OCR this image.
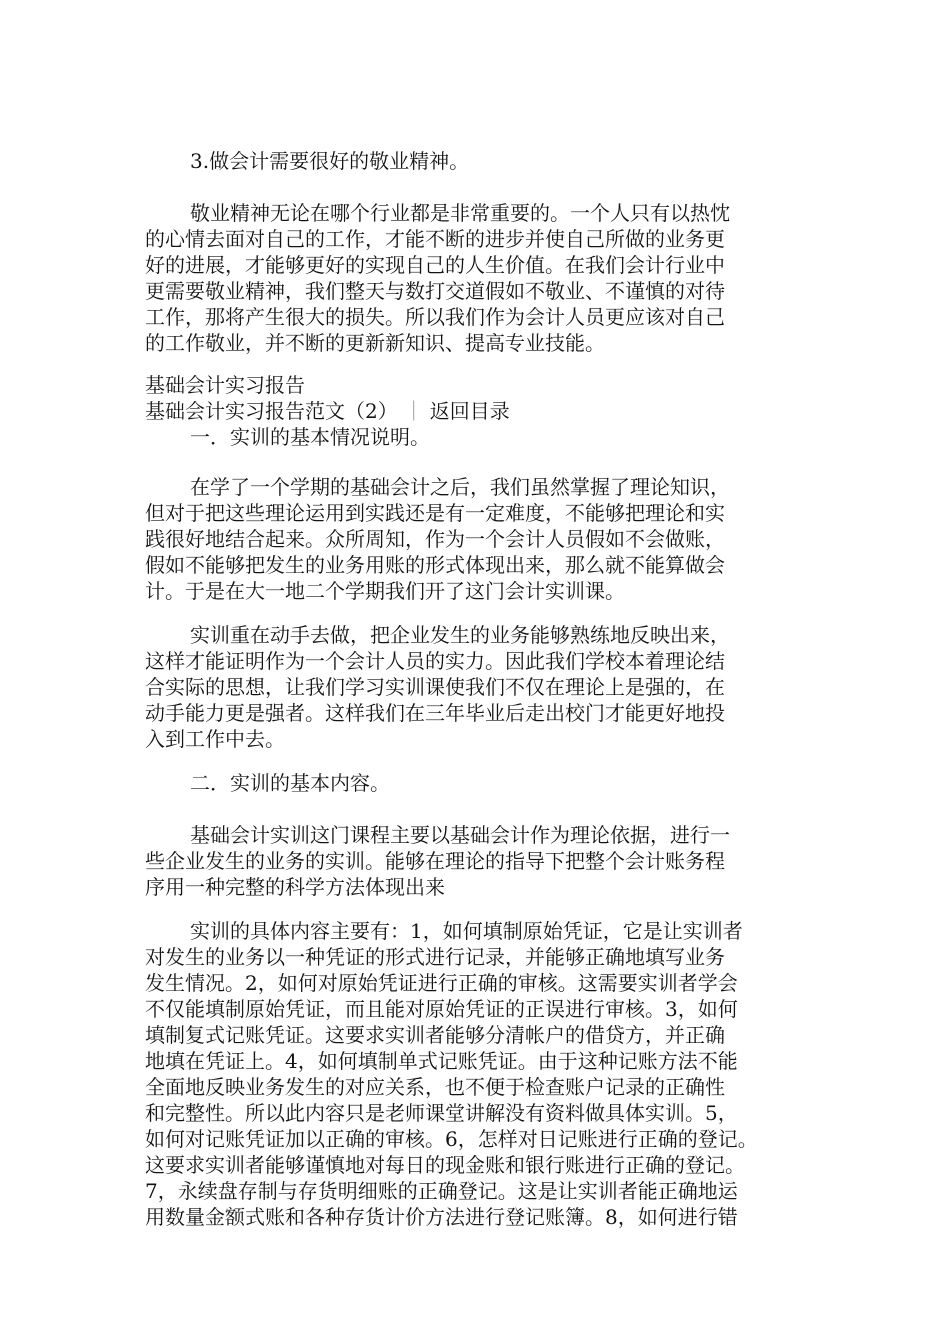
3.做会计需要很好的敬业精神。
敬业精神无论在哪个行业都是非常重要的。一个人只有以热忱
的心情去面对自己的工作，才能不断的进步并使自己所做的业务更
好的进展，才能够更好的实现自己的人生价值。在我们会计行业中
更需要敬业精神，我们整天与数打交道假如不敬业、不谨慎的对待
工作，那将产生很大的损失。所以我们作为会计人员更应该对自己
的工作敬业，并不断的更新新知识、提高专业技能。
基础会计实习报告
基础会计实习报告范文（2） ｜ 返回目录
一．实训的基本情况说明。
在学了一个学期的基础会计之后，我们虽然掌握了理论知识，
但对于把这些理论运用到实践还是有一定难度，不能够把理论和实
践很好地结合起来。众所周知，作为一个会计人员假如不会做账，
假如不能够把发生的业务用账的形式体现出来，那么就不能算做会
计。于是在大一地二个学期我们开了这门会计实训课。
实训重在动手去做，把企业发生的业务能够熟练地反映出来，
这样才能证明作为一个会计人员的实力。因此我们学校本着理论结
合实际的思想，让我们学习实训课使我们不仅在理论上是强的，在
动手能力更是强者。这样我们在三年毕业后走出校门才能更好地投
入到工作中去。
二．实训的基本内容。
基础会计实训这门课程主要以基础会计作为理论依据，进行一
些企业发生的业务的实训。能够在理论的指导下把整个会计账务程
序用一种完整的科学方法体现出来
实训的具体内容主要有：1，如何填制原始凭证，它是让实训者
对发生的业务以一种凭证的形式进行记录，并能够正确地填写业务
发生情况。2，如何对原始凭证进行正确的审核。这需要实训者学会
不仅能填制原始凭证，而且能对原始凭证的正误进行审核。3，如何
填制复式记账凭证。这要求实训者能够分清帐户的借贷方，并正确
地填在凭证上。4，如何填制单式记账凭证。由于这种记账方法不能
全面地反映业务发生的对应关系，也不便于检查账户记录的正确性
和完整性。所以此内容只是老师课堂讲解没有资料做具体实训。5，
如何对记账凭证加以正确的审核。6，怎样对日记账进行正确的登记。
这要求实训者能够谨慎地对每日的现金账和银行账进行正确的登记。
7，永续盘存制与存货明细账的正确登记。这是让实训者能正确地运
用数量金额式账和各种存货计价方法进行登记账簿。8，如何进行错
